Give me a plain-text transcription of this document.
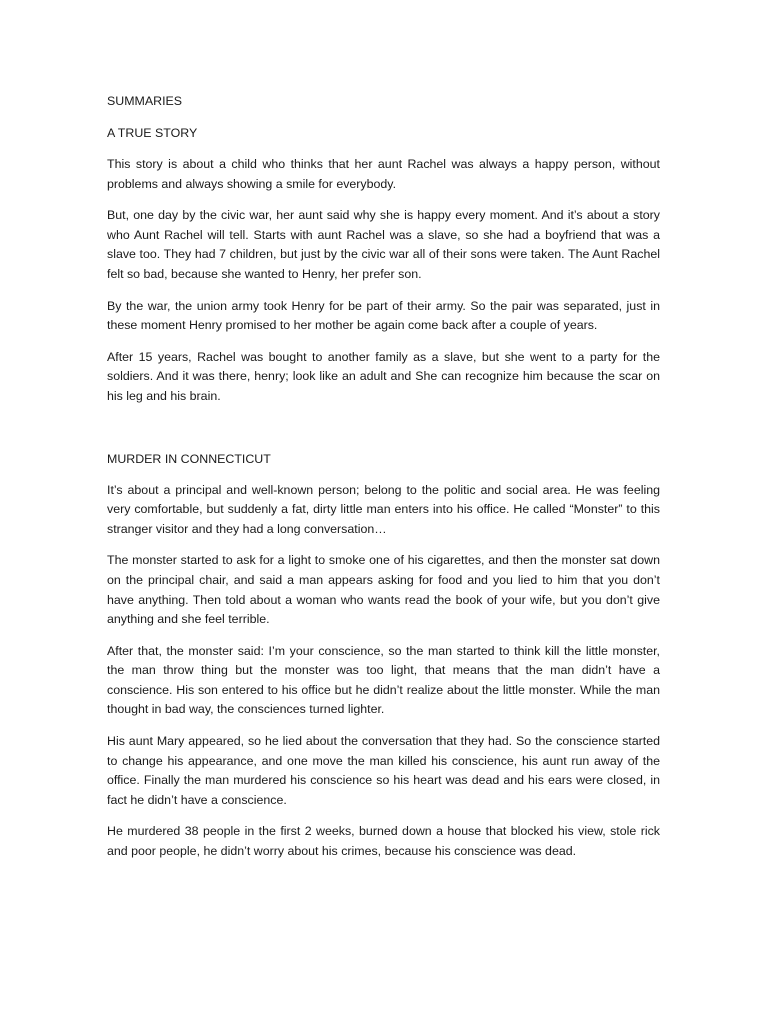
SUMMARIES
A TRUE STORY

This story is about a child who thinks that her aunt Rachel was always a happy person, without problems and always showing a smile for everybody.

But, one day by the civic war, her aunt said why she is happy every moment. And it’s about a story who Aunt Rachel will tell. Starts with aunt Rachel was a slave, so she had a boyfriend that was a slave too. They had 7 children, but just by the civic war all of their sons were taken. The Aunt Rachel felt so bad, because she wanted to Henry, her prefer son.

By the war, the union army took Henry for be part of their army. So the pair was separated, just in these moment Henry promised to her mother be again come back after a couple of years.

After 15 years, Rachel was bought to another family as a slave, but she went to a party for the soldiers. And it was there, henry; look like an adult and She can recognize him because the scar on his leg and his brain.

MURDER IN CONNECTICUT

It’s about a principal and well-known person; belong to the politic and social area. He was feeling very comfortable, but suddenly a fat, dirty little man enters into his office. He called “Monster” to this stranger visitor and they had a long conversation…

The monster started to ask for a light to smoke one of his cigarettes, and then the monster sat down on the principal chair, and said a man appears asking for food and you lied to him that you don’t have anything. Then told about a woman who wants read the book of your wife, but you don’t give anything and she feel terrible.

After that, the monster said: I’m your conscience, so the man started to think kill the little monster, the man throw thing but the monster was too light, that means that the man didn’t have a conscience. His son entered to his office but he didn’t realize about the little monster. While the man thought in bad way, the consciences turned lighter.

His aunt Mary appeared, so he lied about the conversation that they had. So the conscience started to change his appearance, and one move the man killed his conscience, his aunt run away of the office. Finally the man murdered his conscience so his heart was dead and his ears were closed, in fact he didn’t have a conscience.

He murdered 38 people in the first 2 weeks, burned down a house that blocked his view, stole rick and poor people, he didn’t worry about his crimes, because his conscience was dead.
